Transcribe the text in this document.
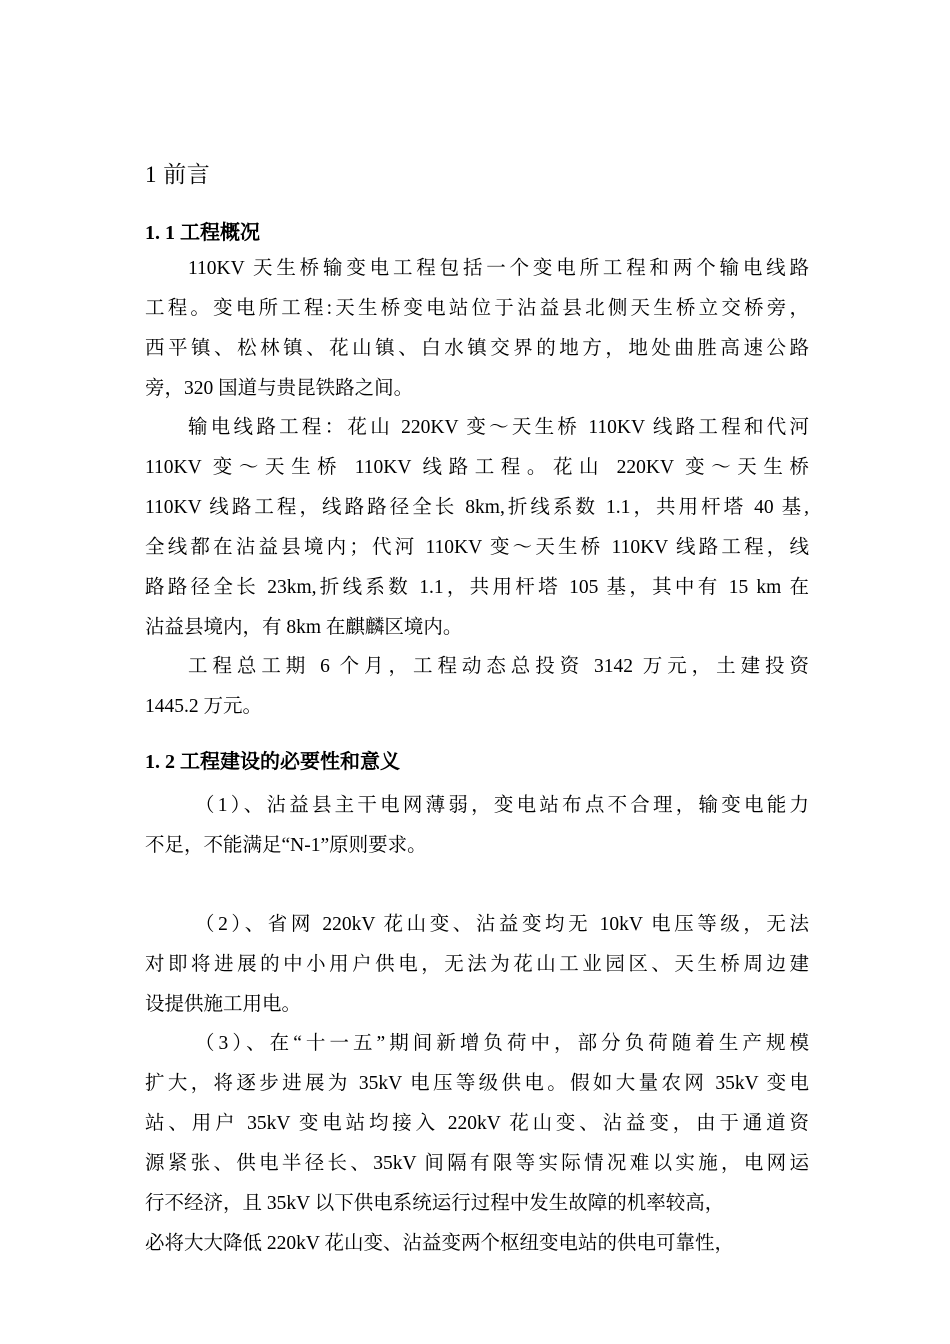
1 前言
1. 1 工程概况
110KV 天生桥输变电工程包括一个变电所工程和两个输电线路
工程。变电所工程:天生桥变电站位于沾益县北侧天生桥立交桥旁，
西平镇、松林镇、花山镇、白水镇交界的地方，地处曲胜高速公路
旁，320 国道与贵昆铁路之间。
输电线路工程：花山 220KV 变～天生桥 110KV 线路工程和代河
110KV 变～天生桥 110KV 线路工程。花山 220KV 变～天生桥
110KV 线路工程，线路路径全长 8km,折线系数 1.1，共用杆塔 40 基,
全线都在沾益县境内；代河 110KV 变～天生桥 110KV 线路工程，线
路路径全长 23km,折线系数 1.1，共用杆塔 105 基，其中有 15 km 在
沾益县境内，有 8km 在麒麟区境内。
工程总工期 6 个月，工程动态总投资 3142 万元，土建投资
1445.2 万元。
1. 2 工程建设的必要性和意义
（1）、沾益县主干电网薄弱，变电站布点不合理，输变电能力
不足，不能满足“N-1”原则要求。
（2）、省网 220kV 花山变、沾益变均无 10kV 电压等级，无法
对即将进展的中小用户供电，无法为花山工业园区、天生桥周边建
设提供施工用电。
（3）、在“十一五”期间新增负荷中，部分负荷随着生产规模
扩大，将逐步进展为 35kV 电压等级供电。假如大量农网 35kV 变电
站、用户 35kV 变电站均接入 220kV 花山变、沾益变，由于通道资
源紧张、供电半径长、35kV 间隔有限等实际情况难以实施，电网运
行不经济，且 35kV 以下供电系统运行过程中发生故障的机率较高，
必将大大降低 220kV 花山变、沾益变两个枢纽变电站的供电可靠性，
